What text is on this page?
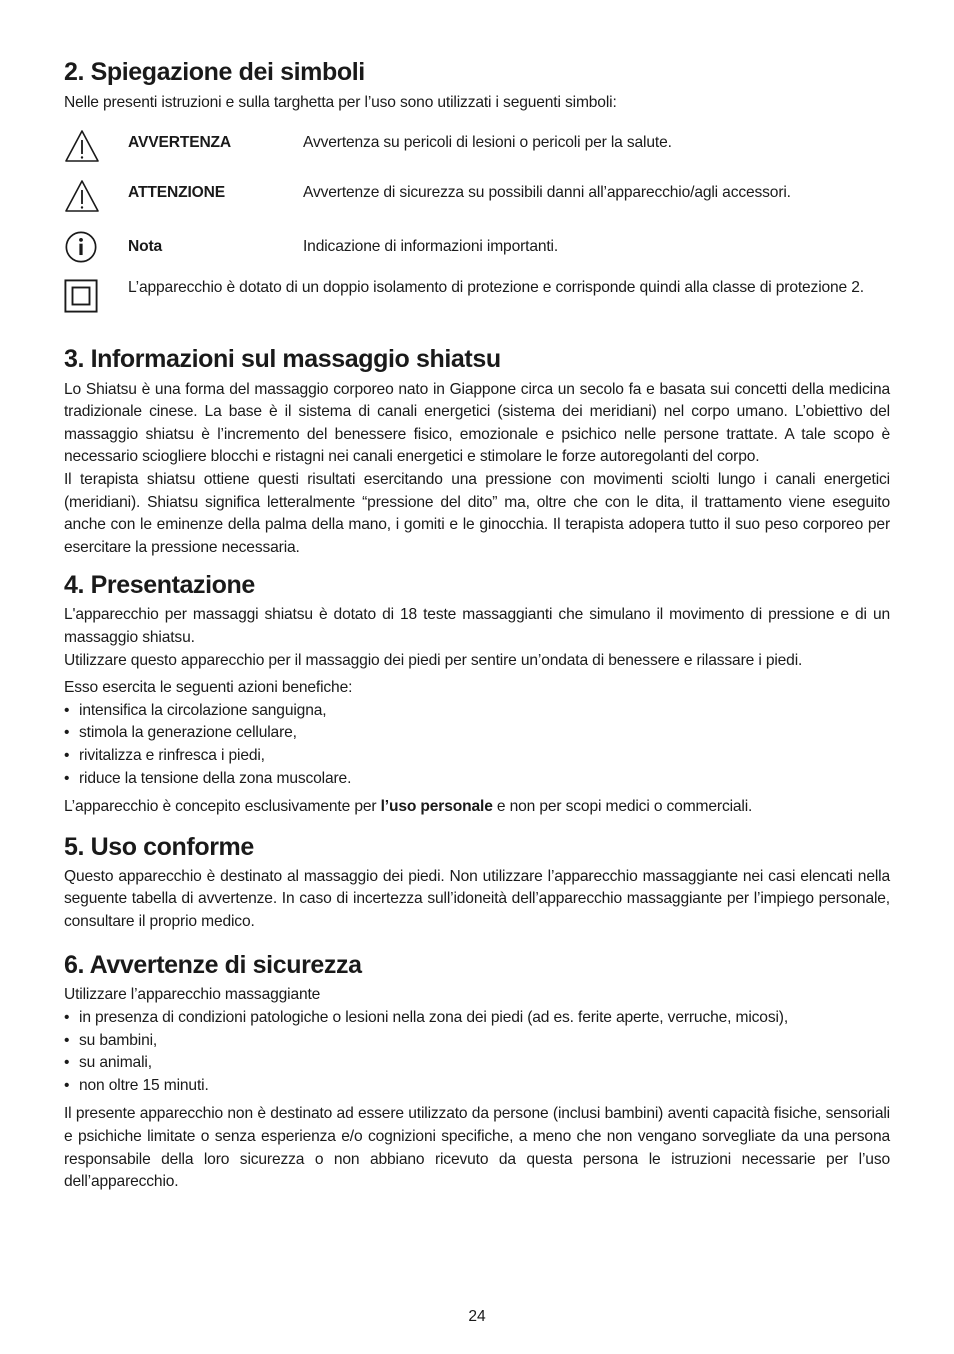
2. Spiegazione dei simboli

Nelle presenti istruzioni e sulla targhetta per l’uso sono utilizzati i seguenti simboli:

AVVERTENZA	Avvertenza su pericoli di lesioni o pericoli per la salute.
ATTENZIONE	Avvertenze di sicurezza su possibili danni all’apparecchio/agli accessori.
Nota	Indicazione di informazioni importanti.

L’apparecchio è dotato di un doppio isolamento di protezione e corrisponde quindi alla classe di protezione 2.

3. Informazioni sul massaggio shiatsu

Lo Shiatsu è una forma del massaggio corporeo nato in Giappone circa un secolo fa e basata sui concetti della medicina tradizionale cinese. La base è il sistema di canali energetici (sistema dei meridiani) nel corpo umano. L’obiettivo del massaggio shiatsu è l’incremento del benessere fisico, emozionale e psichico nelle persone trattate. A tale scopo è necessario sciogliere blocchi e ristagni nei canali energetici e stimolare le forze autoregolanti del corpo.

Il terapista shiatsu ottiene questi risultati esercitando una pressione con movimenti sciolti lungo i canali energetici (meridiani). Shiatsu significa letteralmente “pressione del dito” ma, oltre che con le dita, il trattamento viene eseguito anche con le eminenze della palma della mano, i gomiti e le ginocchia. Il terapista adopera tutto il suo peso corporeo per esercitare la pressione necessaria.

4. Presentazione

L'apparecchio per massaggi shiatsu è dotato di 18 teste massaggianti che simulano il movimento di pressione e di un massaggio shiatsu.

Utilizzare questo apparecchio per il massaggio dei piedi per sentire un’ondata di benessere e rilassare i piedi.

Esso esercita le seguenti azioni benefiche:

• intensifica la circolazione sanguigna,

• stimola la generazione cellulare,

• rivitalizza e rinfresca i piedi,

• riduce la tensione della zona muscolare.

L’apparecchio è concepito esclusivamente per l’uso personale e non per scopi medici o commerciali.

5. Uso conforme

Questo apparecchio è destinato al massaggio dei piedi. Non utilizzare l’apparecchio massaggiante nei casi elencati nella seguente tabella di avvertenze. In caso di incertezza sull’idoneità dell’apparecchio massaggiante per l’impiego personale, consultare il proprio medico.

6. Avvertenze di sicurezza

Utilizzare l’apparecchio massaggiante

• in presenza di condizioni patologiche o lesioni nella zona dei piedi (ad es. ferite aperte, verruche, micosi),

• su bambini,

• su animali,

• non oltre 15 minuti.

Il presente apparecchio non è destinato ad essere utilizzato da persone (inclusi bambini) aventi capacità fisiche, sensoriali e psichiche limitate o senza esperienza e/o cognizioni specifiche, a meno che non vengano sorvegliate da una persona responsabile della loro sicurezza o non abbiano ricevuto da questa persona le istruzioni necessarie per l’uso dell’apparecchio.

24
